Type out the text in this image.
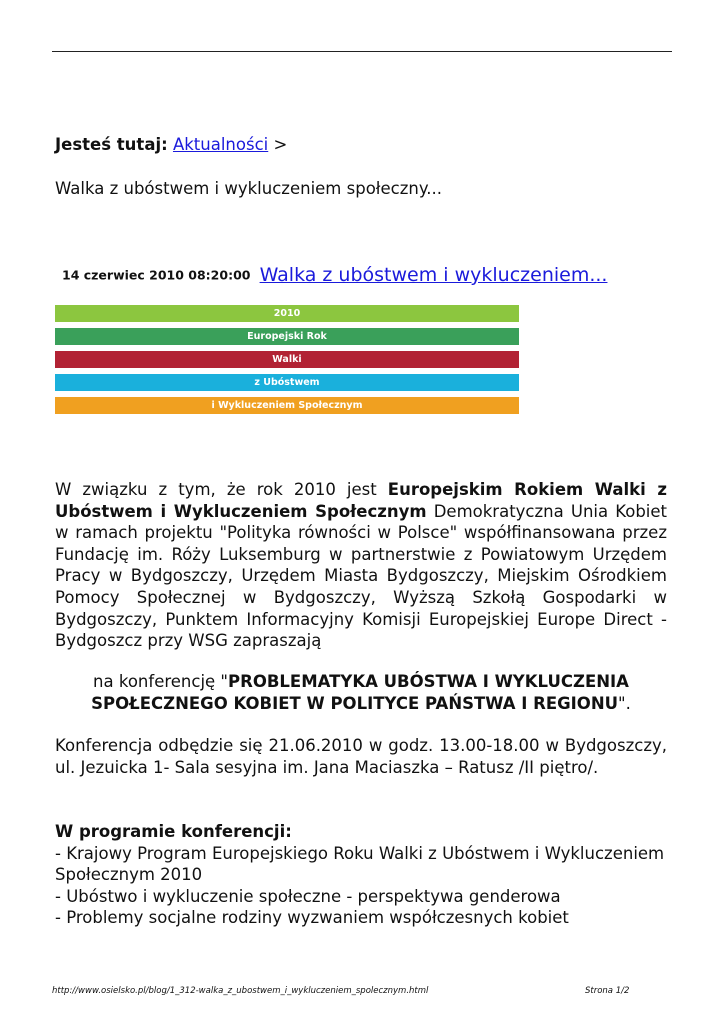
Jesteś tutaj: Aktualności >
Walka z ubóstwem i wykluczeniem społeczny...
14 czerwiec 2010 08:20:00 Walka z ubóstwem i wykluczeniem...
2010
Europejski Rok
Walki
z Ubóstwem
i Wykluczeniem Społecznym
W związku z tym, że rok 2010 jest Europejskim Rokiem Walki z Ubóstwem i Wykluczeniem Społecznym Demokratyczna Unia Kobiet w ramach projektu "Polityka równości w Polsce" współfinansowana przez Fundację im. Róży Luksemburg w partnerstwie z Powiatowym Urzędem Pracy w Bydgoszczy, Urzędem Miasta Bydgoszczy, Miejskim Ośrodkiem Pomocy Społecznej w Bydgoszczy, Wyższą Szkołą Gospodarki w Bydgoszczy, Punktem Informacyjny Komisji Europejskiej Europe Direct - Bydgoszcz przy WSG zapraszają
na konferencję "PROBLEMATYKA UBÓSTWA I WYKLUCZENIA SPOŁECZNEGO KOBIET W POLITYCE PAŃSTWA I REGIONU".
Konferencja odbędzie się 21.06.2010 w godz. 13.00-18.00 w Bydgoszczy, ul. Jezuicka 1- Sala sesyjna im. Jana Maciaszka – Ratusz /II piętro/.
W programie konferencji:
- Krajowy Program Europejskiego Roku Walki z Ubóstwem i Wykluczeniem Społecznym 2010
- Ubóstwo i wykluczenie społeczne - perspektywa genderowa
- Problemy socjalne rodziny wyzwaniem współczesnych kobiet
http://www.osielsko.pl/blog/1_312-walka_z_ubostwem_i_wykluczeniem_spolecznym.html	Strona 1/2
